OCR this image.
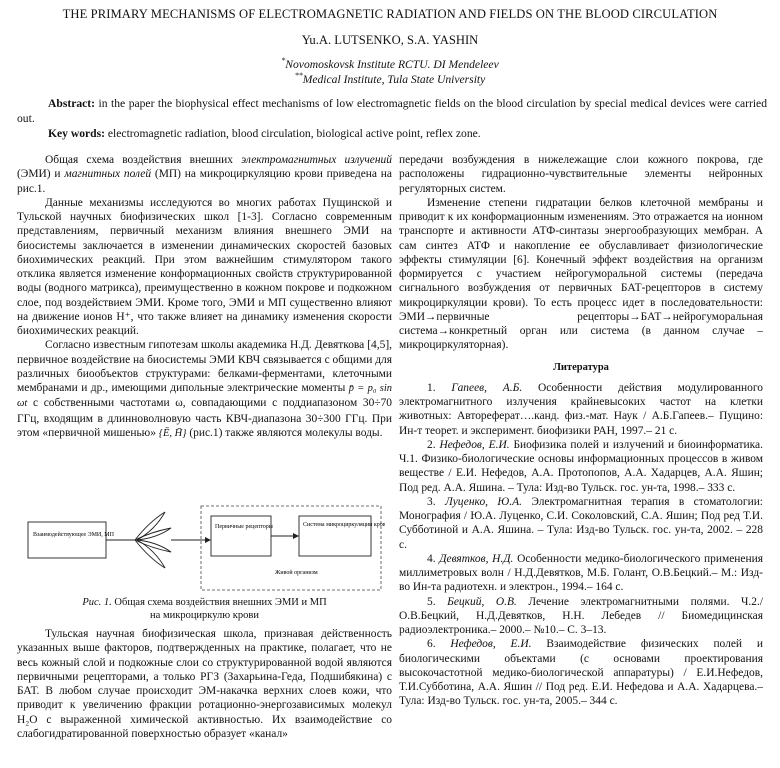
THE PRIMARY MECHANISMS OF ELECTROMAGNETIC RADIATION AND FIELDS ON THE BLOOD CIRCULATION
Yu.A. LUTSENKO, S.A. YASHIN
*Novomoskovsk Institute RCTU. DI Mendeleev
**Medical Institute, Tula State University
Abstract: in the paper the biophysical effect mechanisms of low electromagnetic fields on the blood circulation by special medical devices were carried out.
Key words: electromagnetic radiation, blood circulation, biological active point, reflex zone.

Общая схема воздействия внешних электромагнитных излучений (ЭМИ) и магнитных полей (МП) на микроциркуляцию крови приведена на рис.1.

Данные механизмы исследуются во многих работах Пущинской и Тульской научных биофизических школ [1-3]. Согласно современным представлениям, первичный механизм влияния внешнего ЭМИ на биосистемы заключается в изменении динамических скоростей базовых биохимических реакций. При этом важнейшим стимулятором такого отклика является изменение конформационных свойств структурированной воды (водного матрикса), преимущественно в кожном покрове и подкожном слое, под воздействием ЭМИ. Кроме того, ЭМИ и МП существенно влияют на движение ионов H⁺, что также влияет на динамику изменения скорости биохимических реакций.

Согласно известным гипотезам школы академика Н.Д. Девяткова [4,5], первичное воздействие на биосистемы ЭМИ КВЧ связывается с общими для различных биообъектов структурами: белками-ферментами, клеточными мембранами и др., имеющими дипольные электрические моменты p̄ = p₀ sin ωt с собственными частотами ω, совпадающими с поддиапазоном 30÷70 ГГц, входящим в длинноволновую часть КВЧ-диапазона 30÷300 ГГц. При этом «первичной мишенью» {Ē, H̄} (рис.1) также являются молекулы воды.

Взаимодействующее ЭМИ, МП
Первичные рецепторы	Система микроциркуляции крови
Живой организм
Рис. 1. Общая схема воздействия внешних ЭМИ и МП
на микроциркулю крови

Тульская научная биофизическая школа, признавая действенность указанных выше факторов, подтвержденных на практике, полагает, что не весь кожный слой и подкожные слои со структурированной водой являются первичными рецепторами, а только РГЗ (Захарьина-Геда, Подшибякина) с БАТ. В любом случае происходит ЭМ-накачка верхних слоев кожи, что приводит к увеличению фракции ротационно-энергозависимых молекул H₂O с выраженной химической активностью. Их взаимодействие со слабогидратированной поверхностью образует «канал»

передачи возбуждения в нижележащие слои кожного покрова, где расположены гидрационно-чувствительные элементы нейронных регуляторных систем.

Изменение степени гидратации белков клеточной мембраны и приводит к их конформационным изменениям. Это отражается на ионном транспорте и активности АТФ-синтазы энергообразующих мембран. А сам синтез АТФ и накопление ее обуславливает физиологические эффекты стимуляции [6]. Конечный эффект воздействия на организм формируется с участием нейрогуморальной системы (передача сигнального возбуждения от первичных БАТ-рецепторов в систему микроциркуляции крови). То есть процесс идет в последовательности: ЭМИ→первичные рецепторы→БАТ→нейрогуморальная система→конкретный орган или система (в данном случае – микроциркуляторная).

Литература

1. Гапеев, А.Б. Особенности действия модулированного электромагнитного излучения крайневысоких частот на клетки животных: Автореферат….канд. физ.-мат. Наук / А.Б.Гапеев.– Пущино: Ин-т теорет. и эксперимент. биофизики РАН, 1997.– 21 с.

2. Нефедов, Е.И. Биофизика полей и излучений и биоинформатика. Ч.1. Физико-биологические основы информационных процессов в живом веществе / Е.И. Нефедов, А.А. Протопопов, А.А. Хадарцев, А.А. Яшин; Под ред. А.А. Яшина. – Тула: Изд-во Тульск. гос. ун-та, 1998.– 333 с.

3. Луценко, Ю.А. Электромагнитная терапия в стоматологии: Монография / Ю.А. Луценко, С.И. Соколовский, С.А. Яшин; Под ред Т.И. Субботиной и А.А. Яшина. – Тула: Изд-во Тульск. гос. ун-та, 2002. – 228 с.

4. Девятков, Н.Д. Особенности медико-биологического применения миллиметровых волн / Н.Д.Девятков, М.Б. Голант, О.В.Бецкий.– М.: Изд-во Ин-та радиотехн. и электрон., 1994.– 164 с.

5. Бецкий, О.В. Лечение электромагнитными полями. Ч.2./ О.В.Бецкий, Н.Д.Девятков, Н.Н. Лебедев // Биомедицинская радиоэлектроника.– 2000.– №10.– С. 3–13.

6. Нефедов, Е.И. Взаимодействие физических полей и биологическими объектами (с основами проектирования высокочастотной медико-биологической аппаратуры) / Е.И.Нефедов, Т.И.Субботина, А.А. Яшин // Под ред. Е.И. Нефедова и А.А. Хадарцева.– Тула: Изд-во Тульск. гос. ун-та, 2005.– 344 с.
